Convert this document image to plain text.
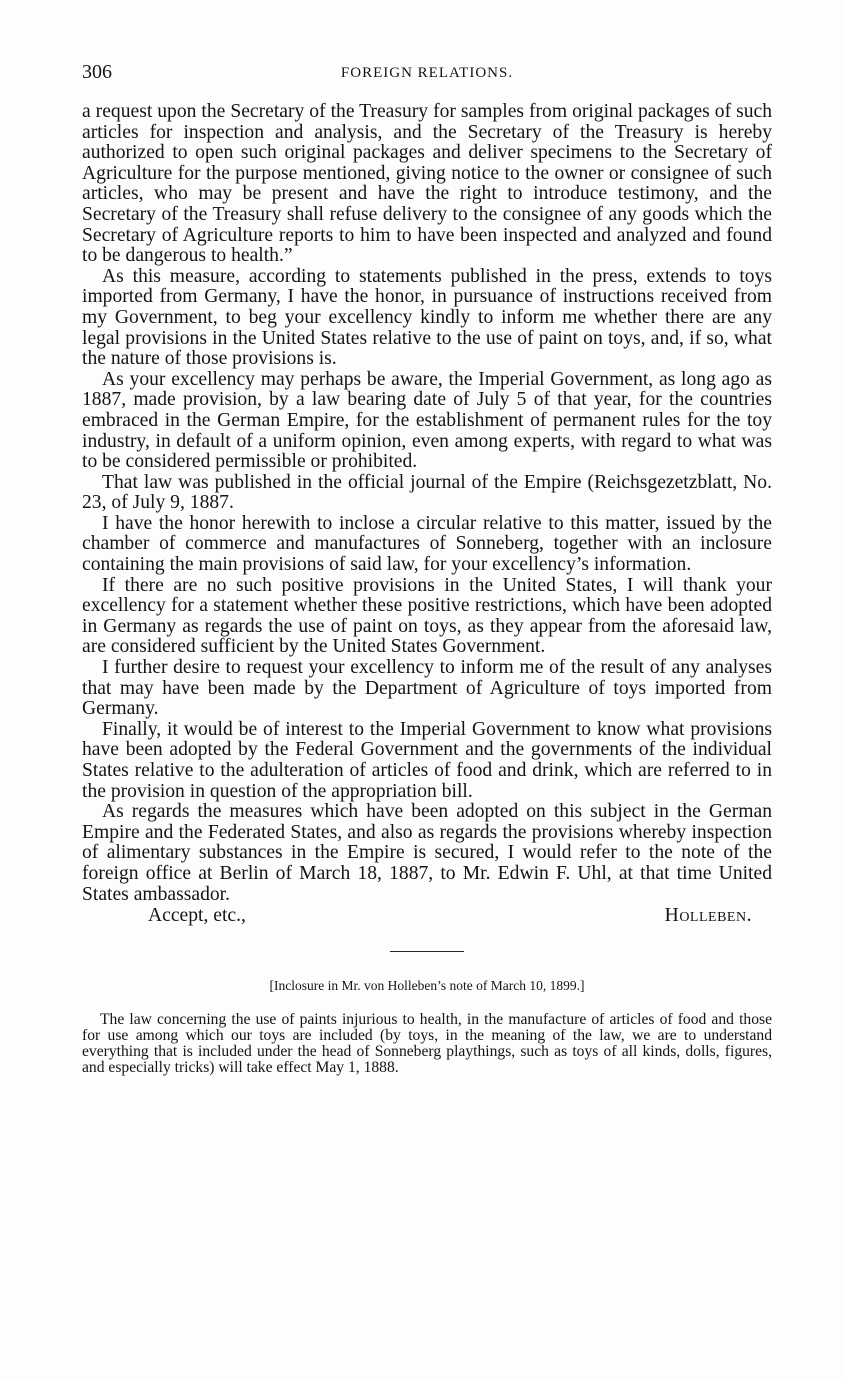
306	FOREIGN RELATIONS.

a request upon the Secretary of the Treasury for samples from original packages of such articles for inspection and analysis, and the Secretary of the Treasury is hereby authorized to open such original packages and deliver specimens to the Secretary of Agriculture for the purpose mentioned, giving notice to the owner or consignee of such articles, who may be present and have the right to introduce testimony, and the Secretary of the Treasury shall refuse delivery to the consignee of any goods which the Secretary of Agriculture reports to him to have been inspected and analyzed and found to be dangerous to health.”

As this measure, according to statements published in the press, extends to toys imported from Germany, I have the honor, in pursuance of instructions received from my Government, to beg your excellency kindly to inform me whether there are any legal provisions in the United States relative to the use of paint on toys, and, if so, what the nature of those provisions is.

As your excellency may perhaps be aware, the Imperial Government, as long ago as 1887, made provision, by a law bearing date of July 5 of that year, for the countries embraced in the German Empire, for the establishment of permanent rules for the toy industry, in default of a uniform opinion, even among experts, with regard to what was to be considered permissible or prohibited.

That law was published in the official journal of the Empire (Reichsgezetzblatt, No. 23, of July 9, 1887.

I have the honor herewith to inclose a circular relative to this matter, issued by the chamber of commerce and manufactures of Sonneberg, together with an inclosure containing the main provisions of said law, for your excellency’s information.

If there are no such positive provisions in the United States, I will thank your excellency for a statement whether these positive restrictions, which have been adopted in Germany as regards the use of paint on toys, as they appear from the aforesaid law, are considered sufficient by the United States Government.

I further desire to request your excellency to inform me of the result of any analyses that may have been made by the Department of Agriculture of toys imported from Germany.

Finally, it would be of interest to the Imperial Government to know what provisions have been adopted by the Federal Government and the governments of the individual States relative to the adulteration of articles of food and drink, which are referred to in the provision in question of the appropriation bill.

As regards the measures which have been adopted on this subject in the German Empire and the Federated States, and also as regards the provisions whereby inspection of alimentary substances in the Empire is secured, I would refer to the note of the foreign office at Berlin of March 18, 1887, to Mr. Edwin F. Uhl, at that time United States ambassador.

Accept, etc.,	Holleben.
[Inclosure in Mr. von Holleben’s note of March 10, 1899.]
The law concerning the use of paints injurious to health, in the manufacture of articles of food and those for use among which our toys are included (by toys, in the meaning of the law, we are to understand everything that is included under the head of Sonneberg playthings, such as toys of all kinds, dolls, figures, and especially tricks) will take effect May 1, 1888.
